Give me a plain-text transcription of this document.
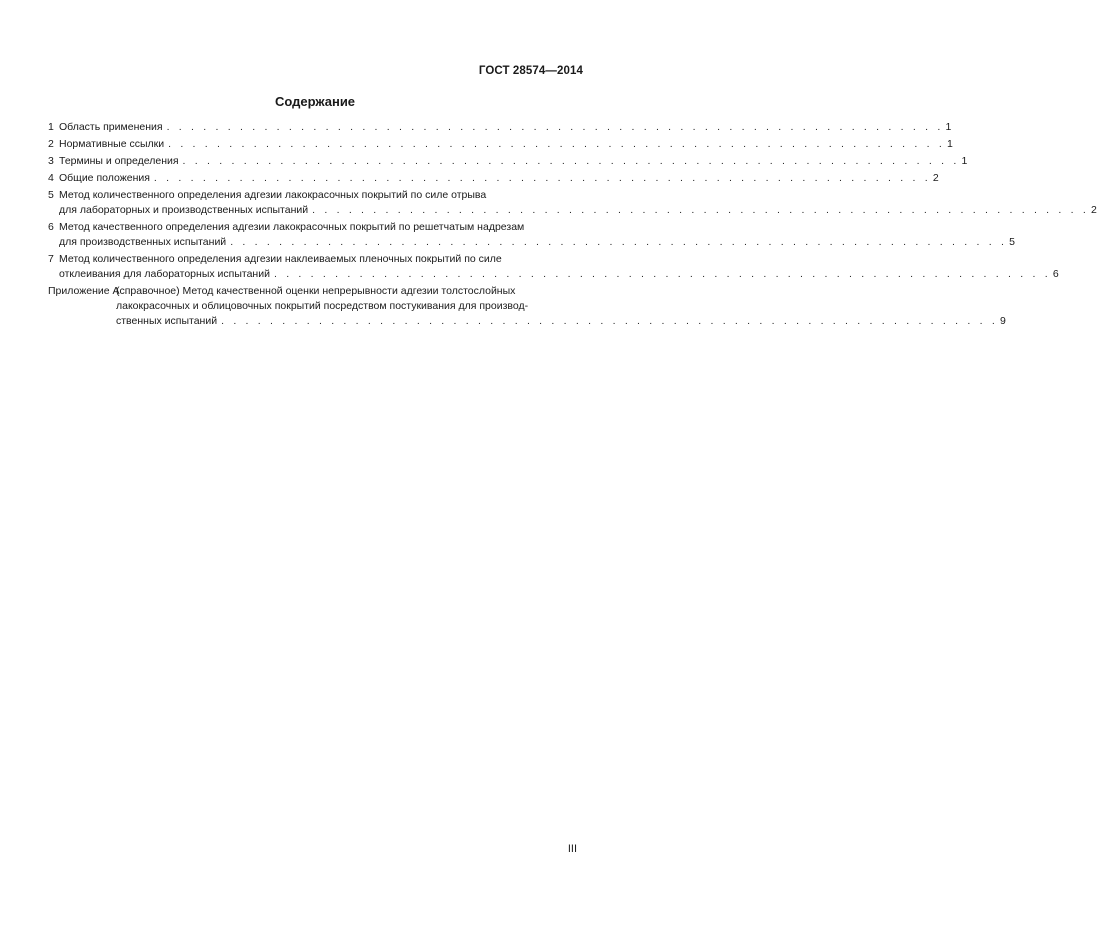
ГОСТ 28574—2014
Содержание
1 Область применения . . . . . . . . . . . . . . . . . . . . . . . . . . . . . . . . . . . . . . . . . . . . . . . . . . . . . . . . . . . . . . . . 1
2 Нормативные ссылки . . . . . . . . . . . . . . . . . . . . . . . . . . . . . . . . . . . . . . . . . . . . . . . . . . . . . . . . . . . . . . . . 1
3 Термины и определения . . . . . . . . . . . . . . . . . . . . . . . . . . . . . . . . . . . . . . . . . . . . . . . . . . . . . . . . . . . . . . . . 1
4 Общие положения . . . . . . . . . . . . . . . . . . . . . . . . . . . . . . . . . . . . . . . . . . . . . . . . . . . . . . . . . . . . . . . . 2
5 Метод количественного определения адгезии лакокрасочных покрытий по силе отрыва
для лабораторных и производственных испытаний . . . . . . . . . . . . . . . . . . . . . . . . . . . . . . . . . . . . . . . . . . . . . . . . . . . . . . . . . . . . . . . . 2
6 Метод качественного определения адгезии лакокрасочных покрытий по решетчатым надрезам
для производственных испытаний . . . . . . . . . . . . . . . . . . . . . . . . . . . . . . . . . . . . . . . . . . . . . . . . . . . . . . . . . . . . . . . . 5
7 Метод количественного определения адгезии наклеиваемых пленочных покрытий по силе
отклеивания для лабораторных испытаний . . . . . . . . . . . . . . . . . . . . . . . . . . . . . . . . . . . . . . . . . . . . . . . . . . . . . . . . . . . . . . . . 6
Приложение А
(справочное) Метод качественной оценки непрерывности адгезии толстослойных
лакокрасочных и облицовочных покрытий посредством постукивания для производ-
ственных испытаний . . . . . . . . . . . . . . . . . . . . . . . . . . . . . . . . . . . . . . . . . . . . . . . . . . . . . . . . . . . . . . . . 9
III
